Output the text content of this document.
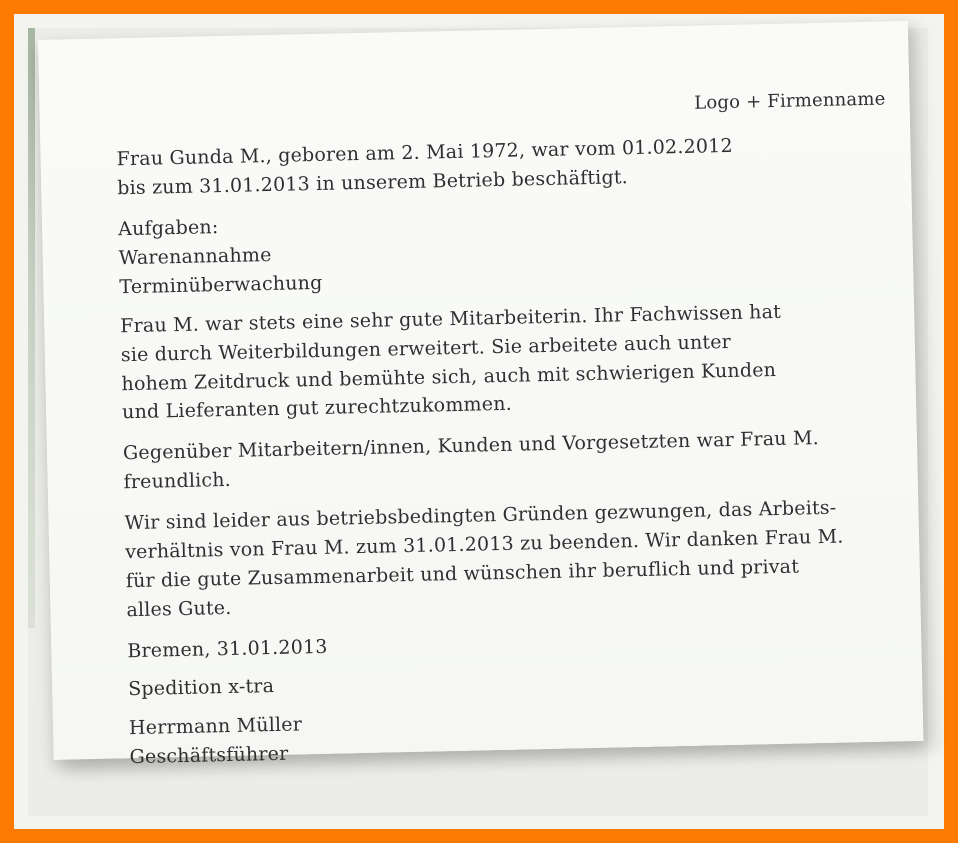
Logo + Firmenname
Frau Gunda M., geboren am 2. Mai 1972, war vom 01.02.2012
bis zum 31.01.2013 in unserem Betrieb beschäftigt.
Aufgaben:
Warenannahme
Terminüberwachung
Frau M. war stets eine sehr gute Mitarbeiterin. Ihr Fachwissen hat
sie durch Weiterbildungen erweitert. Sie arbeitete auch unter
hohem Zeitdruck und bemühte sich, auch mit schwierigen Kunden
und Lieferanten gut zurechtzukommen.
Gegenüber Mitarbeitern/innen, Kunden und Vorgesetzten war Frau M.
freundlich.
Wir sind leider aus betriebsbedingten Gründen gezwungen, das Arbeits-
verhältnis von Frau M. zum 31.01.2013 zu beenden. Wir danken Frau M.
für die gute Zusammenarbeit und wünschen ihr beruflich und privat
alles Gute.
Bremen, 31.01.2013
Spedition x-tra
Herrmann Müller
Geschäftsführer
